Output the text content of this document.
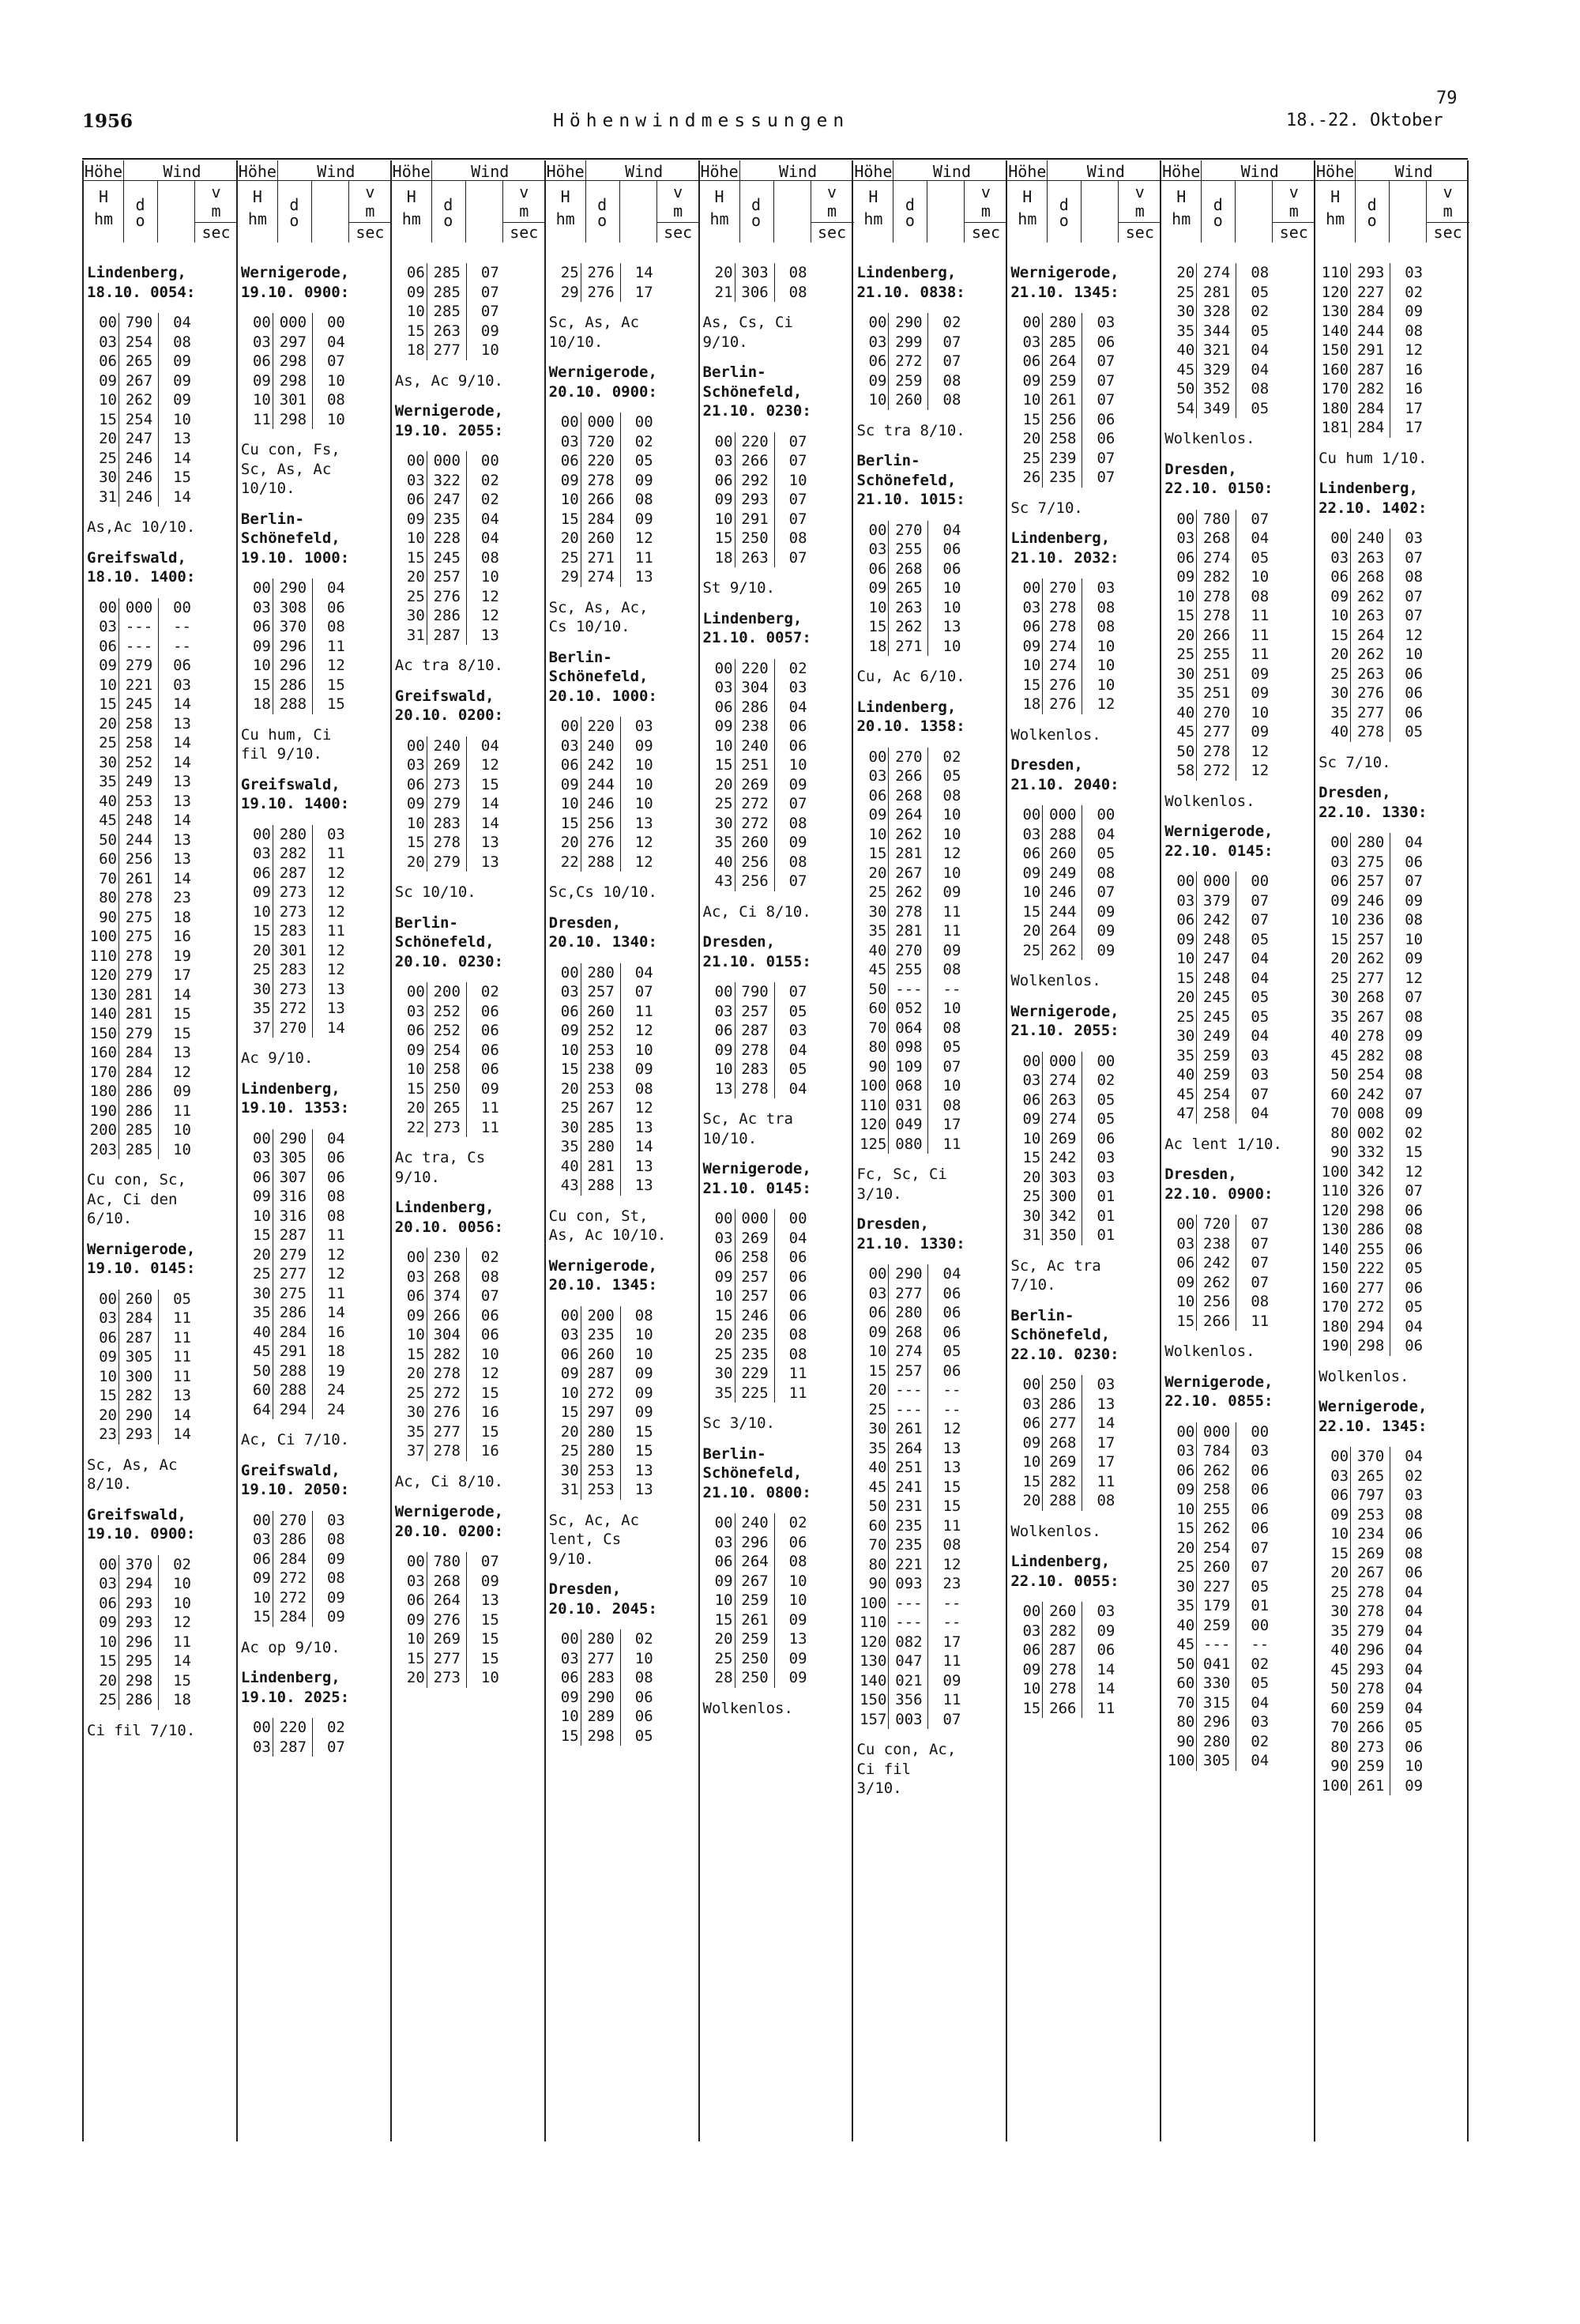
79
1956	Höhenwindmessungen	18.-22. Oktober
Höhe	Wind
H
hm
d
o
v
m
sec
Lindenberg,
18.10. 0054:
00 790	04
03 254	08
06 265	09
09 267	09
10 262	09
15 254	10
20 247	13
25 246	14
30 246	15
31 246	14
As,Ac 10/10.
Greifswald,
18.10. 1400:
00 000	00
03 ---	--
06 ---	--
09 279	06
10 221	03
15 245	14
20 258	13
25 258	14
30 252	14
35 249	13
40 253	13
45 248	14
50 244	13
60 256	13
70 261	14
80 278	23
90 275	18
100 275	16
110 278	19
120 279	17
130 281	14
140 281	15
150 279	15
160 284	13
170 284	12
180 286	09
190 286	11
200 285	10
203 285	10
Cu con, Sc,
Ac, Ci den
6/10.
Wernigerode,
19.10. 0145:
00 260	05
03 284	11
06 287	11
09 305	11
10 300	11
15 282	13
20 290	14
23 293	14
Sc, As, Ac
8/10.
Greifswald,
19.10. 0900:
00 370	02
03 294	10
06 293	10
09 293	12
10 296	11
15 295	14
20 298	15
25 286	18
Ci fil 7/10.
Höhe	Wind
H
hm
d
o
v
m
sec
Wernigerode,
19.10. 0900:
00 000	00
03 297	04
06 298	07
09 298	10
10 301	08
11 298	10
Cu con, Fs,
Sc, As, Ac
10/10.
Berlin-
Schönefeld,
19.10. 1000:
00 290	04
03 308	06
06 370	08
09 296	11
10 296	12
15 286	15
18 288	15
Cu hum, Ci
fil 9/10.
Greifswald,
19.10. 1400:
00 280	03
03 282	11
06 287	12
09 273	12
10 273	12
15 283	11
20 301	12
25 283	12
30 273	13
35 272	13
37 270	14
Ac 9/10.
Lindenberg,
19.10. 1353:
00 290	04
03 305	06
06 307	06
09 316	08
10 316	08
15 287	11
20 279	12
25 277	12
30 275	11
35 286	14
40 284	16
45 291	18
50 288	19
60 288	24
64 294	24
Ac, Ci 7/10.
Greifswald,
19.10. 2050:
00 270	03
03 286	08
06 284	09
09 272	08
10 272	09
15 284	09
Ac op 9/10.
Lindenberg,
19.10. 2025:
00 220	02
03 287	07
Höhe	Wind
H
hm
d
o
v
m
sec
06 285	07
09 285	07
10 285	07
15 263	09
18 277	10
As, Ac 9/10.
Wernigerode,
19.10. 2055:
00 000	00
03 322	02
06 247	02
09 235	04
10 228	04
15 245	08
20 257	10
25 276	12
30 286	12
31 287	13
Ac tra 8/10.
Greifswald,
20.10. 0200:
00 240	04
03 269	12
06 273	15
09 279	14
10 283	14
15 278	13
20 279	13
Sc 10/10.
Berlin-
Schönefeld,
20.10. 0230:
00 200	02
03 252	06
06 252	06
09 254	06
10 258	06
15 250	09
20 265	11
22 273	11
Ac tra, Cs
9/10.
Lindenberg,
20.10. 0056:
00 230	02
03 268	08
06 374	07
09 266	06
10 304	06
15 282	10
20 278	12
25 272	15
30 276	16
35 277	15
37 278	16
Ac, Ci 8/10.
Wernigerode,
20.10. 0200:
00 780	07
03 268	09
06 264	13
09 276	15
10 269	15
15 277	15
20 273	10
Höhe	Wind
H
hm
d
o
v
m
sec
25 276	14
29 276	17
Sc, As, Ac
10/10.
Wernigerode,
20.10. 0900:
00 000	00
03 720	02
06 220	05
09 278	09
10 266	08
15 284	09
20 260	12
25 271	11
29 274	13
Sc, As, Ac,
Cs 10/10.
Berlin-
Schönefeld,
20.10. 1000:
00 220	03
03 240	09
06 242	10
09 244	10
10 246	10
15 256	13
20 276	12
22 288	12
Sc,Cs 10/10.
Dresden,
20.10. 1340:
00 280	04
03 257	07
06 260	11
09 252	12
10 253	10
15 238	09
20 253	08
25 267	12
30 285	13
35 280	14
40 281	13
43 288	13
Cu con, St,
As, Ac 10/10.
Wernigerode,
20.10. 1345:
00 200	08
03 235	10
06 260	10
09 287	09
10 272	09
15 297	09
20 280	15
25 280	15
30 253	13
31 253	13
Sc, Ac, Ac
lent, Cs
9/10.
Dresden,
20.10. 2045:
00 280	02
03 277	10
06 283	08
09 290	06
10 289	06
15 298	05
Höhe	Wind
H
hm
d
o
v
m
sec
20 303	08
21 306	08
As, Cs, Ci
9/10.
Berlin-
Schönefeld,
21.10. 0230:
00 220	07
03 266	07
06 292	10
09 293	07
10 291	07
15 250	08
18 263	07
St 9/10.
Lindenberg,
21.10. 0057:
00 220	02
03 304	03
06 286	04
09 238	06
10 240	06
15 251	10
20 269	09
25 272	07
30 272	08
35 260	09
40 256	08
43 256	07
Ac, Ci 8/10.
Dresden,
21.10. 0155:
00 790	07
03 257	05
06 287	03
09 278	04
10 283	05
13 278	04
Sc, Ac tra
10/10.
Wernigerode,
21.10. 0145:
00 000	00
03 269	04
06 258	06
09 257	06
10 257	06
15 246	06
20 235	08
25 235	08
30 229	11
35 225	11
Sc 3/10.
Berlin-
Schönefeld,
21.10. 0800:
00 240	02
03 296	06
06 264	08
09 267	10
10 259	10
15 261	09
20 259	13
25 250	09
28 250	09
Wolkenlos.
Höhe	Wind
H
hm
d
o
v
m
sec
Lindenberg,
21.10. 0838:
00 290	02
03 299	07
06 272	07
09 259	08
10 260	08
Sc tra 8/10.
Berlin-
Schönefeld,
21.10. 1015:
00 270	04
03 255	06
06 268	06
09 265	10
10 263	10
15 262	13
18 271	10
Cu, Ac 6/10.
Lindenberg,
20.10. 1358:
00 270	02
03 266	05
06 268	08
09 264	10
10 262	10
15 281	12
20 267	10
25 262	09
30 278	11
35 281	11
40 270	09
45 255	08
50 ---	--
60 052	10
70 064	08
80 098	05
90 109	07
100 068	10
110 031	08
120 049	17
125 080	11
Fc, Sc, Ci
3/10.
Dresden,
21.10. 1330:
00 290	04
03 277	06
06 280	06
09 268	06
10 274	05
15 257	06
20 ---	--
25 ---	--
30 261	12
35 264	13
40 251	13
45 241	15
50 231	15
60 235	11
70 235	08
80 221	12
90 093	23
100 ---	--
110 ---	--
120 082	17
130 047	11
140 021	09
150 356	11
157 003	07
Cu con, Ac,
Ci fil
3/10.
Höhe	Wind
H
hm
d
o
v
m
sec
Wernigerode,
21.10. 1345:
00 280	03
03 285	06
06 264	07
09 259	07
10 261	07
15 256	06
20 258	06
25 239	07
26 235	07
Sc 7/10.
Lindenberg,
21.10. 2032:
00 270	03
03 278	08
06 278	08
09 274	10
10 274	10
15 276	10
18 276	12
Wolkenlos.
Dresden,
21.10. 2040:
00 000	00
03 288	04
06 260	05
09 249	08
10 246	07
15 244	09
20 264	09
25 262	09
Wolkenlos.
Wernigerode,
21.10. 2055:
00 000	00
03 274	02
06 263	05
09 274	05
10 269	06
15 242	03
20 303	03
25 300	01
30 342	01
31 350	01
Sc, Ac tra
7/10.
Berlin-
Schönefeld,
22.10. 0230:
00 250	03
03 286	13
06 277	14
09 268	17
10 269	17
15 282	11
20 288	08
Wolkenlos.
Lindenberg,
22.10. 0055:
00 260	03
03 282	09
06 287	06
09 278	14
10 278	14
15 266	11
Höhe	Wind
H
hm
d
o
v
m
sec
20 274	08
25 281	05
30 328	02
35 344	05
40 321	04
45 329	04
50 352	08
54 349	05
Wolkenlos.
Dresden,
22.10. 0150:
00 780	07
03 268	04
06 274	05
09 282	10
10 278	08
15 278	11
20 266	11
25 255	11
30 251	09
35 251	09
40 270	10
45 277	09
50 278	12
58 272	12
Wolkenlos.
Wernigerode,
22.10. 0145:
00 000	00
03 379	07
06 242	07
09 248	05
10 247	04
15 248	04
20 245	05
25 245	05
30 249	04
35 259	03
40 259	03
45 254	07
47 258	04
Ac lent 1/10.
Dresden,
22.10. 0900:
00 720	07
03 238	07
06 242	07
09 262	07
10 256	08
15 266	11
Wolkenlos.
Wernigerode,
22.10. 0855:
00 000	00
03 784	03
06 262	06
09 258	06
10 255	06
15 262	06
20 254	07
25 260	07
30 227	05
35 179	01
40 259	00
45 ---	--
50 041	02
60 330	05
70 315	04
80 296	03
90 280	02
100 305	04
Höhe	Wind
H
hm
d
o
v
m
sec
110 293	03
120 227	02
130 284	09
140 244	08
150 291	12
160 287	16
170 282	16
180 284	17
181 284	17
Cu hum 1/10.
Lindenberg,
22.10. 1402:
00 240	03
03 263	07
06 268	08
09 262	07
10 263	07
15 264	12
20 262	10
25 263	06
30 276	06
35 277	06
40 278	05
Sc 7/10.
Dresden,
22.10. 1330:
00 280	04
03 275	06
06 257	07
09 246	09
10 236	08
15 257	10
20 262	09
25 277	12
30 268	07
35 267	08
40 278	09
45 282	08
50 254	08
60 242	07
70 008	09
80 002	02
90 332	15
100 342	12
110 326	07
120 298	06
130 286	08
140 255	06
150 222	05
160 277	06
170 272	05
180 294	04
190 298	06
Wolkenlos.
Wernigerode,
22.10. 1345:
00 370	04
03 265	02
06 797	03
09 253	08
10 234	06
15 269	08
20 267	06
25 278	04
30 278	04
35 279	04
40 296	04
45 293	04
50 278	04
60 259	04
70 266	05
80 273	06
90 259	10
100 261	09
